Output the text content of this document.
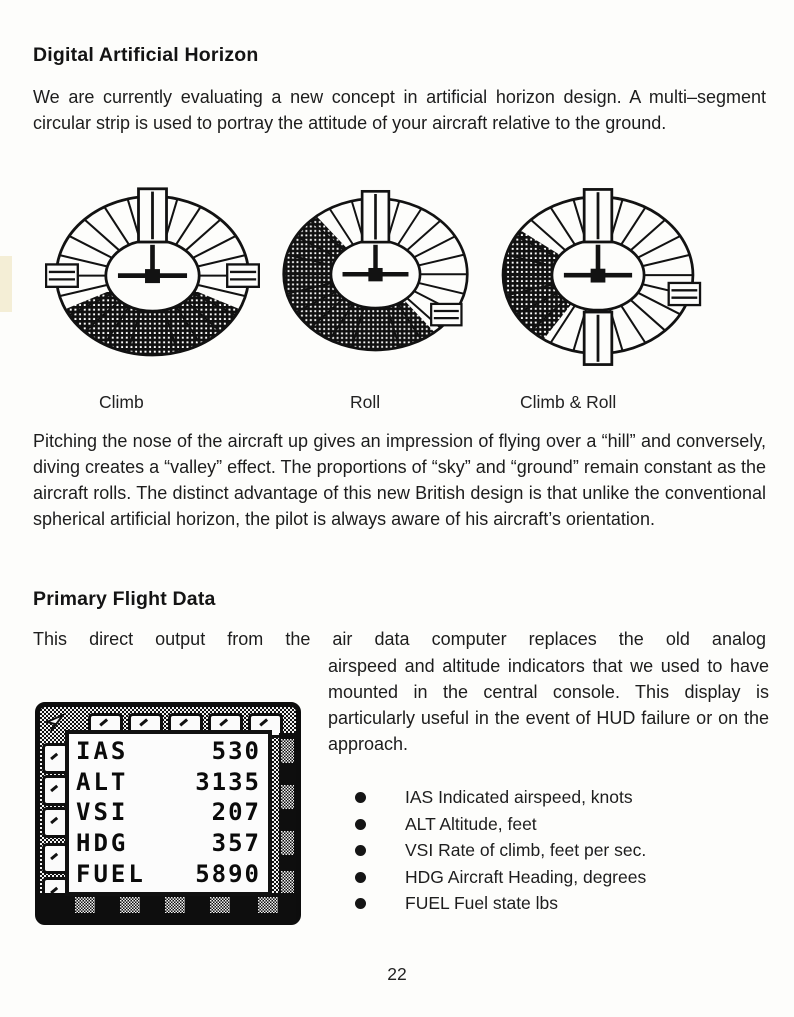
Digital Artificial Horizon
We are currently evaluating a new concept in artificial horizon design. A multi–segment circular strip is used to portray the attitude of your aircraft relative to the ground.
Climb	Roll	Climb & Roll
Pitching the nose of the aircraft up gives an impression of flying over a “hill” and conversely, diving creates a “valley” effect. The proportions of “sky” and “ground” remain constant as the aircraft rolls. The distinct advantage of this new British design is that unlike the conventional spherical artificial horizon, the pilot is always aware of his aircraft’s orientation.
Primary Flight Data
This direct output from the air data computer replaces the old analog
IAS	530
ALT	3135
VSI	207
HDG	357
FUEL 5890
airspeed and altitude indicators that we used to have mounted in the central console. This display is particularly useful in the event of HUD failure or on the approach.
IAS Indicated airspeed, knots
ALT Altitude, feet
VSI Rate of climb, feet per sec.
HDG Aircraft Heading, degrees
FUEL Fuel state lbs
22
